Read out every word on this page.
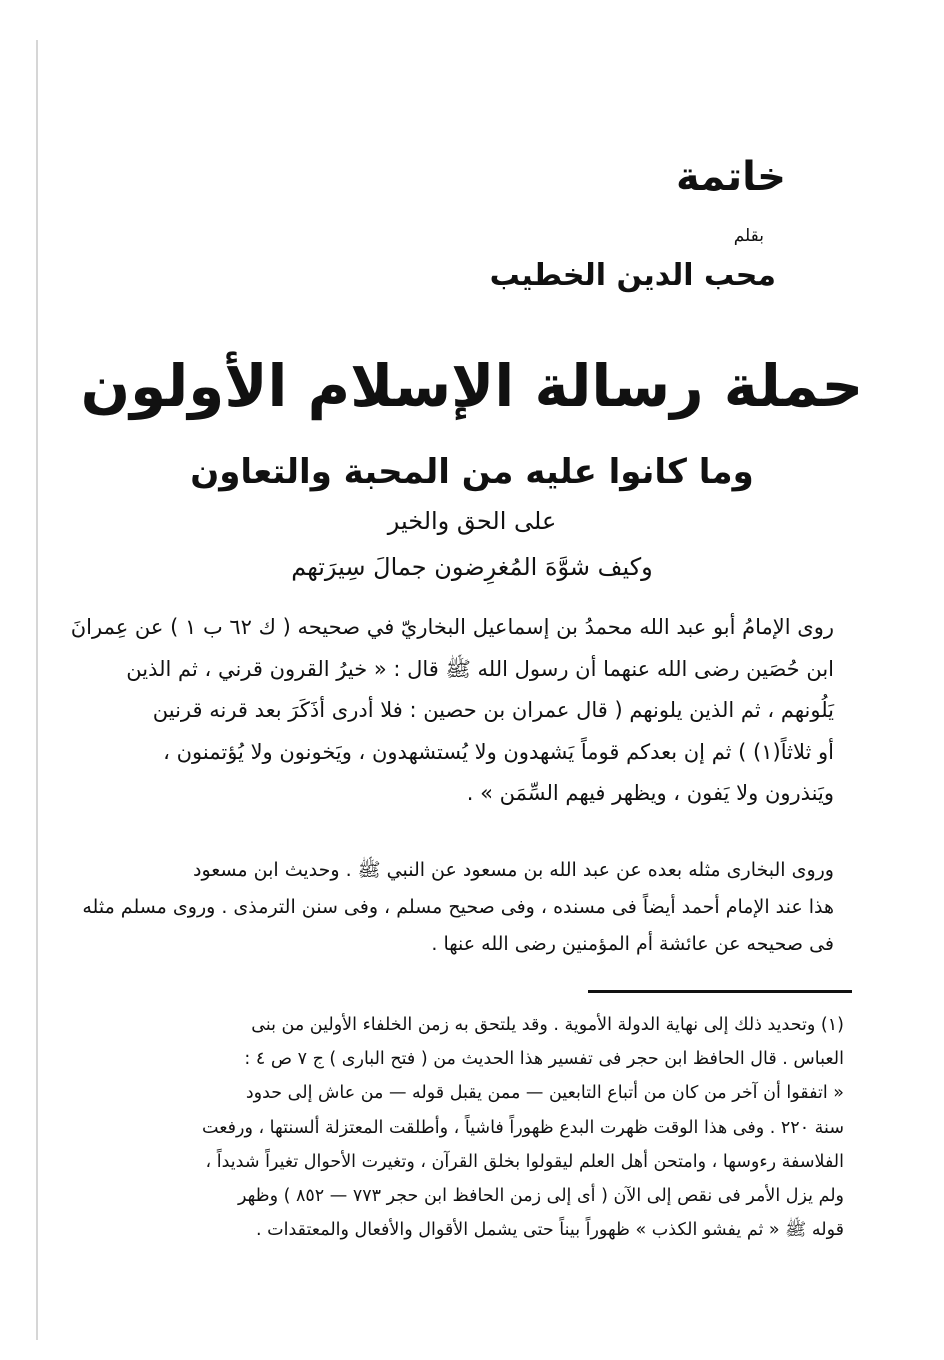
خاتمة
بقلم
محب الدين الخطيب
حملة رسالة الإسلام الأولون
وما كانوا عليه من المحبة والتعاون
على الحق والخير
وكيف شوَّهَ المُغرِضون جمالَ سِيرَتهم
روى الإمامُ أبو عبد الله محمدُ بن إسماعيل البخاريّ في صحيحه ( ك ٦٢ ب ١ ) عن عِمرانَ
ابن حُصَين رضى الله عنهما أن رسول الله ﷺ قال : « خيرُ القرون قرني ، ثم الذين
يَلُونهم ، ثم الذين يلونهم ( قال عمران بن حصين : فلا أدرى أذَكَرَ بعد قرنه قرنين
أو ثلاثاً(١) ) ثم إن بعدكم قوماً يَشهدون ولا يُستشهدون ، ويَخونون ولا يُؤتمنون ،
ويَنذرون ولا يَفون ، ويظهر فيهم السِّمَن » .
وروى البخارى مثله بعده عن عبد الله بن مسعود عن النبي ﷺ . وحديث ابن مسعود
هذا عند الإمام أحمد أيضاً فى مسنده ، وفى صحيح مسلم ، وفى سنن الترمذى . وروى مسلم مثله
فى صحيحه عن عائشة أم المؤمنين رضى الله عنها .
(١) وتحديد ذلك إلى نهاية الدولة الأموية . وقد يلتحق به زمن الخلفاء الأولين من بنى
العباس . قال الحافظ ابن حجر فى تفسير هذا الحديث من ( فتح البارى ) ج ٧ ص ٤ :
« اتفقوا أن آخر من كان من أتباع التابعين — ممن يقبل قوله — من عاش إلى حدود
سنة ٢٢٠ . وفى هذا الوقت ظهرت البدع ظهوراً فاشياً ، وأطلقت المعتزلة ألسنتها ، ورفعت
الفلاسفة رءوسها ، وامتحن أهل العلم ليقولوا بخلق القرآن ، وتغيرت الأحوال تغيراً شديداً ،
ولم يزل الأمر فى نقص إلى الآن ( أى إلى زمن الحافظ ابن حجر ٧٧٣ — ٨٥٢ ) وظهر
قوله ﷺ « ثم يفشو الكذب » ظهوراً بيناً حتى يشمل الأقوال والأفعال والمعتقدات .
